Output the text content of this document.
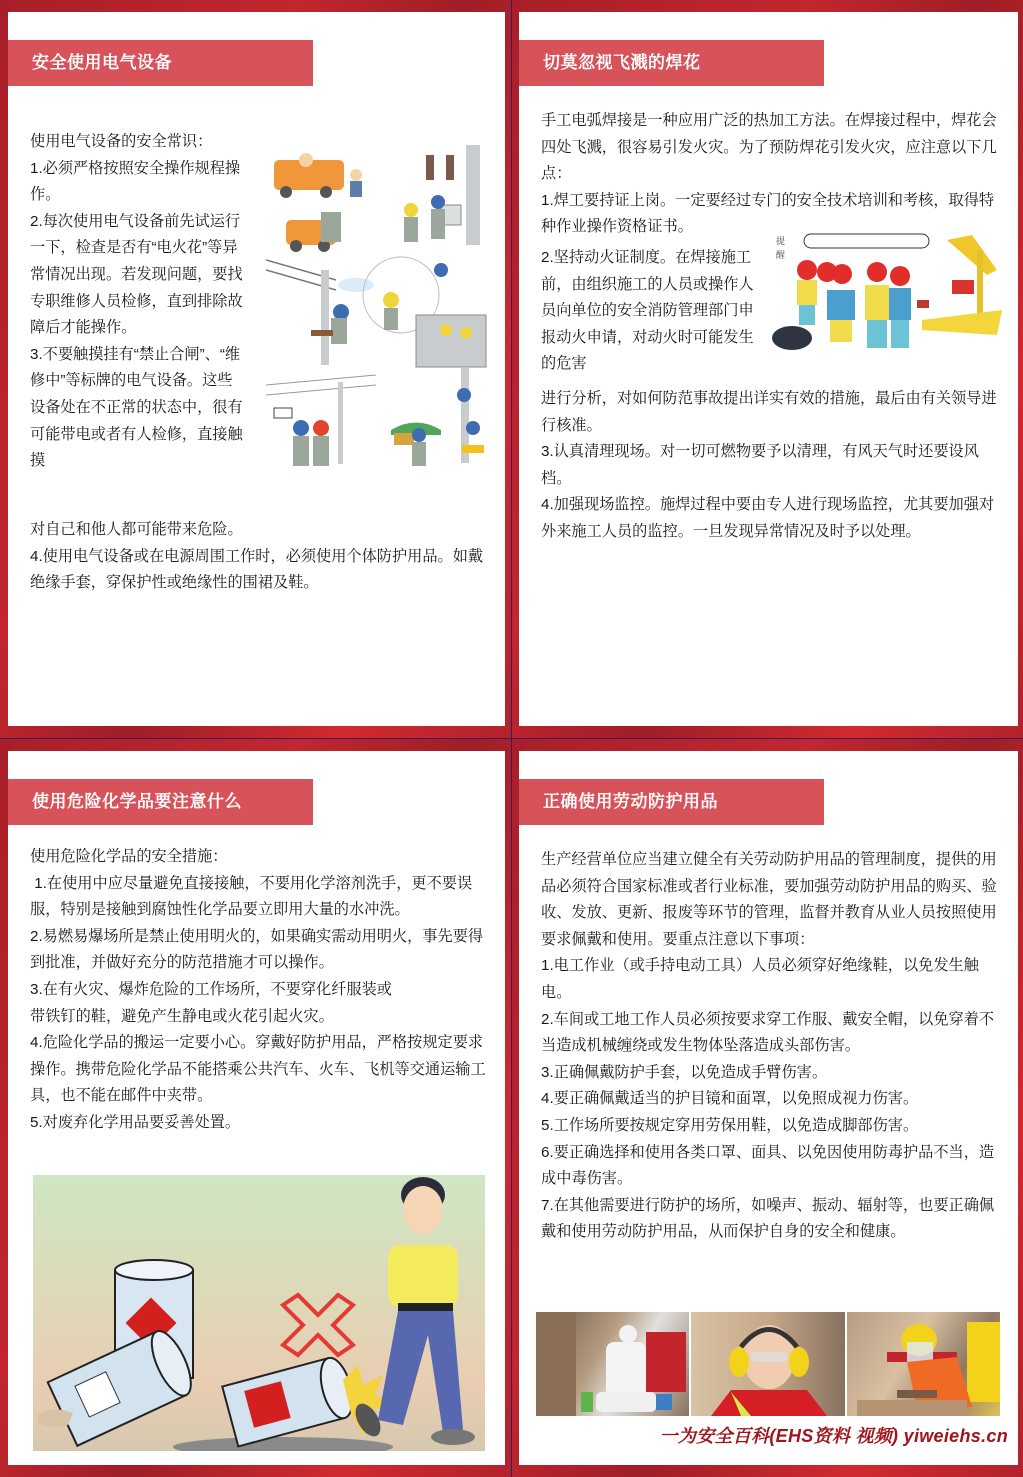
安全使用电气设备

使用电气设备的安全常识：

1.必须严格按照安全操作规程操作。

2.每次使用电气设备前先试运行一下，检查是否有“电火花”等异常情况出现。若发现问题，要找专职维修人员检修，直到排除故障后才能操作。

3.不要触摸挂有“禁止合闸”、“维修中”等标牌的电气设备。这些设备处在不正常的状态中，很有可能带电或者有人检修，直接触摸

对自己和他人都可能带来危险。

4.使用电气设备或在电源周围工作时，必须使用个体防护用品。如戴绝缘手套，穿保护性或绝缘性的围裙及鞋。

切莫忽视飞溅的焊花

手工电弧焊接是一种应用广泛的热加工方法。在焊接过程中，焊花会四处飞溅，很容易引发火灾。为了预防焊花引发火灾，应注意以下几点：

1.焊工要持证上岗。一定要经过专门的安全技术培训和考核，取得特种作业操作资格证书。

2.坚持动火证制度。在焊接施工前，由组织施工的人员或操作人员向单位的安全消防管理部门申报动火申请，对动火时可能发生的危害

提
醒

进行分析，对如何防范事故提出详实有效的措施，最后由有关领导进行核准。

3.认真清理现场。对一切可燃物要予以清理，有风天气时还要设风档。

4.加强现场监控。施焊过程中要由专人进行现场监控，尤其要加强对外来施工人员的监控。一旦发现异常情况及时予以处理。

使用危险化学品要注意什么

使用危险化学品的安全措施：

1.在使用中应尽量避免直接接触，不要用化学溶剂洗手，更不要误服，特别是接触到腐蚀性化学品要立即用大量的水冲洗。

2.易燃易爆场所是禁止使用明火的，如果确实需动用明火，事先要得到批准，并做好充分的防范措施才可以操作。

3.在有火灾、爆炸危险的工作场所，不要穿化纤服装或

带铁钉的鞋，避免产生静电或火花引起火灾。

4.危险化学品的搬运一定要小心。穿戴好防护用品，严格按规定要求操作。携带危险化学品不能搭乘公共汽车、火车、飞机等交通运输工具，也不能在邮件中夹带。

5.对废弃化学用品要妥善处置。

正确使用劳动防护用品

生产经营单位应当建立健全有关劳动防护用品的管理制度，提供的用品必须符合国家标准或者行业标准，要加强劳动防护用品的购买、验收、发放、更新、报废等环节的管理，监督并教育从业人员按照使用要求佩戴和使用。要重点注意以下事项：

1.电工作业（或手持电动工具）人员必须穿好绝缘鞋，以免发生触电。

2.车间或工地工作人员必须按要求穿工作服、戴安全帽，以免穿着不当造成机械缠绕或发生物体坠落造成头部伤害。

3.正确佩戴防护手套，以免造成手臂伤害。

4.要正确佩戴适当的护目镜和面罩，以免照成视力伤害。

5.工作场所要按规定穿用劳保用鞋，以免造成脚部伤害。

6.要正确选择和使用各类口罩、面具、以免因使用防毒护品不当，造成中毒伤害。

7.在其他需要进行防护的场所，如噪声、振动、辐射等，也要正确佩戴和使用劳动防护用品，从而保护自身的安全和健康。

一为安全百科(EHS资料 视频) yiweiehs.cn
